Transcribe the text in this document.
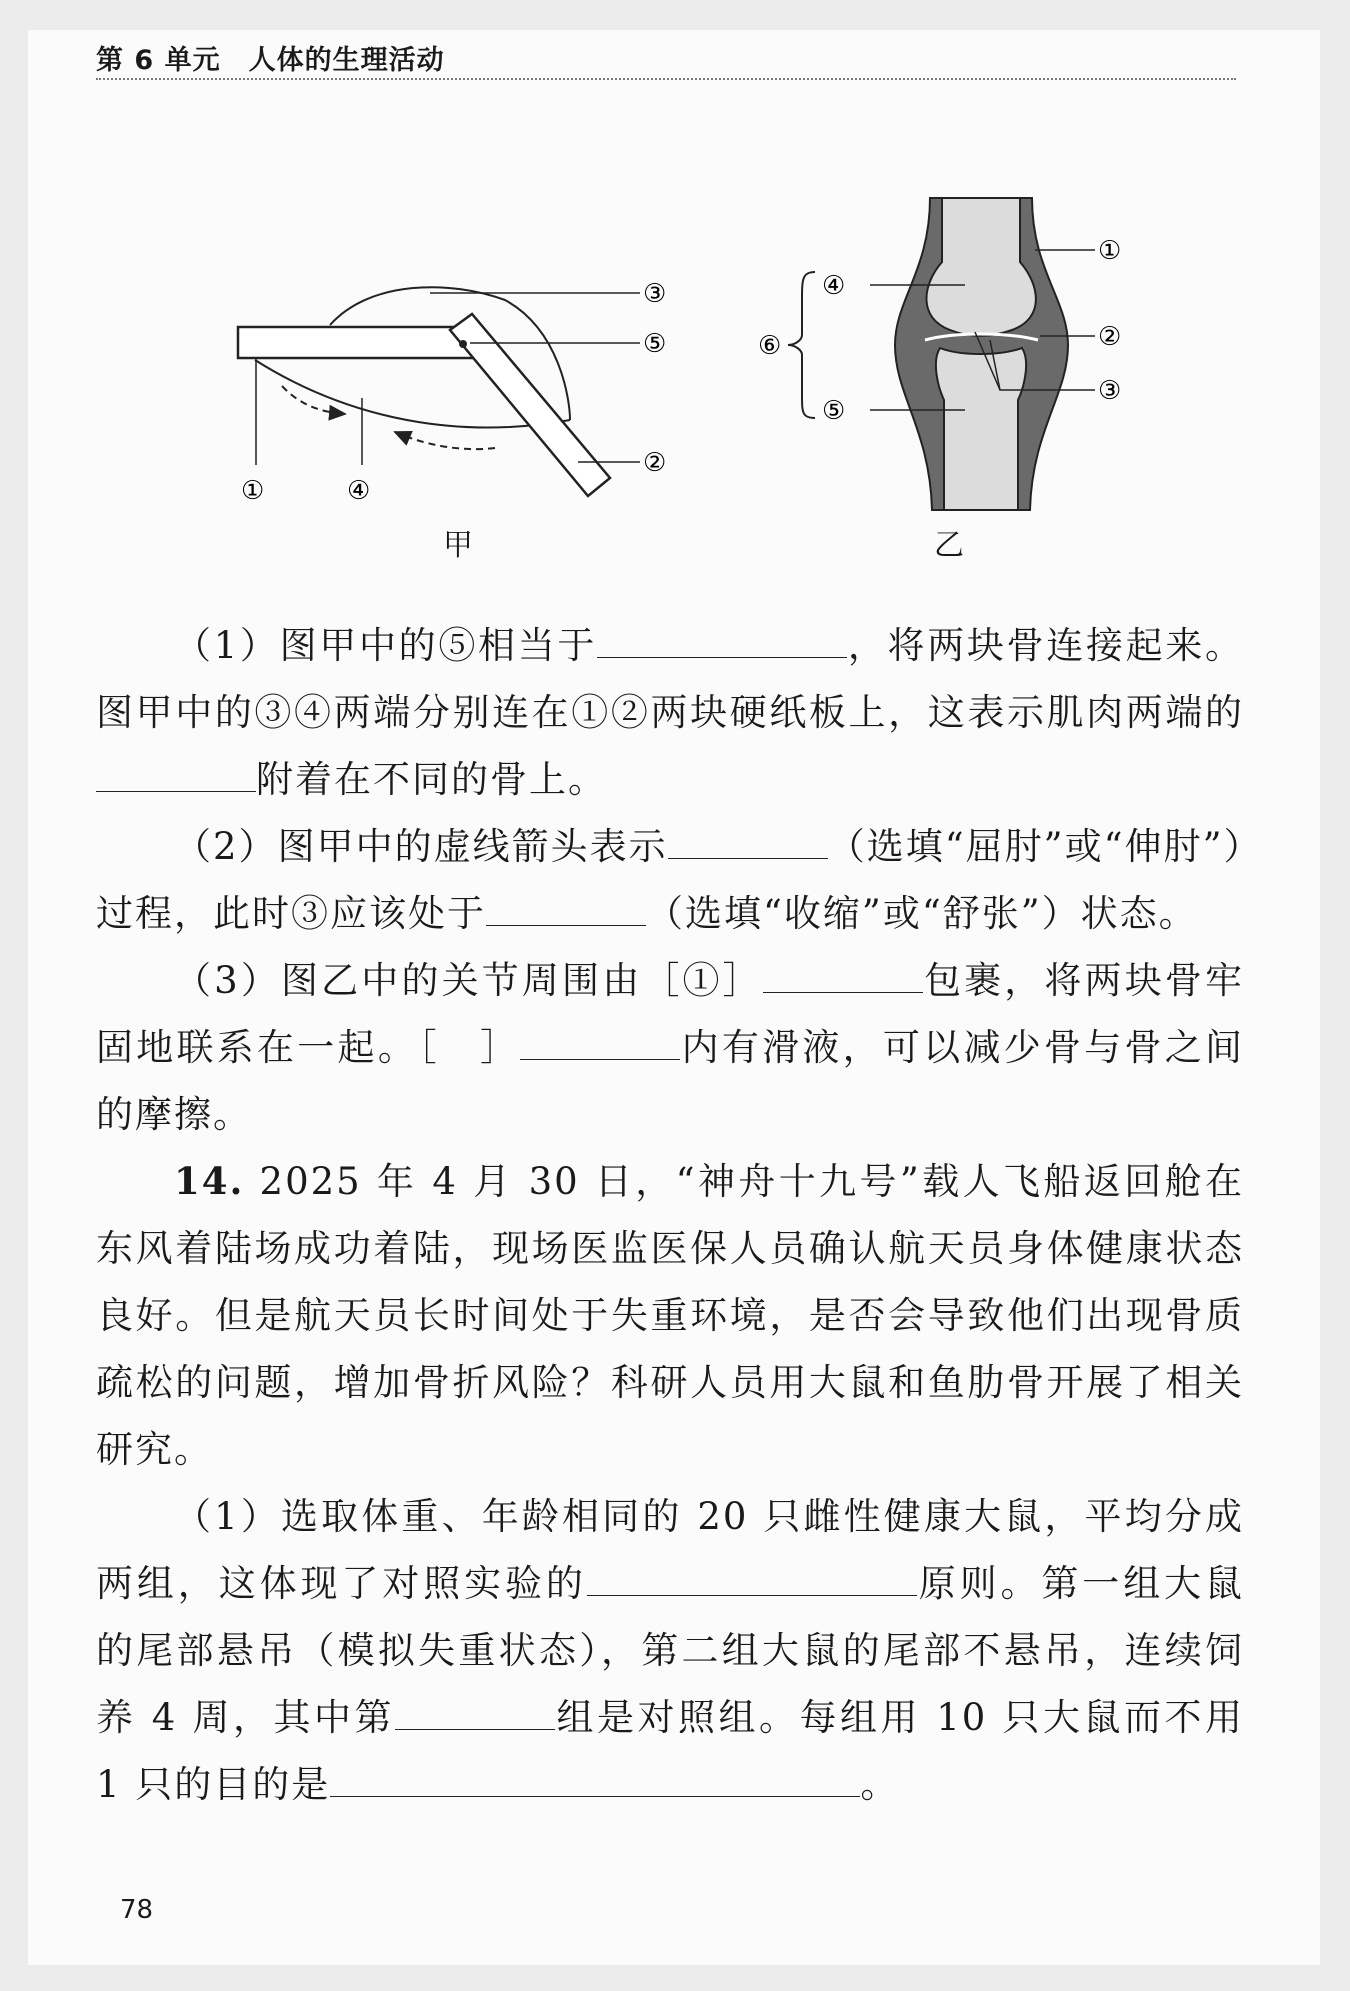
第 6 单元 人体的生理活动
③
⑤
②
①	④
①
②
③
④
⑤
⑥
甲	乙

（1）图甲中的⑤相当于	，将两块骨连接起来。图甲中的③④两端分别连在①②两块硬纸板上，这表示肌肉两端的附着在不同的骨上。

（2）图甲中的虚线箭头表示	（选填“屈肘”或“伸肘”）过程，此时③应该处于	（选填“收缩”或“舒张”）状态。

（3）图乙中的关节周围由［①］	包裹，将两块骨牢固地联系在一起。［　］	内有滑液，可以减少骨与骨之间的摩擦。

14. 2025 年 4 月 30 日，“神舟十九号”载人飞船返回舱在东风着陆场成功着陆，现场医监医保人员确认航天员身体健康状态良好。但是航天员长时间处于失重环境，是否会导致他们出现骨质疏松的问题，增加骨折风险？科研人员用大鼠和鱼肋骨开展了相关研究。

（1）选取体重、年龄相同的 20 只雌性健康大鼠，平均分成两组，这体现了对照实验的	原则。第一组大鼠的尾部悬吊（模拟失重状态），第二组大鼠的尾部不悬吊，连续饲养 4 周，其中第	组是对照组。每组用 10 只大鼠而不用 1 只的目的是	。

78
